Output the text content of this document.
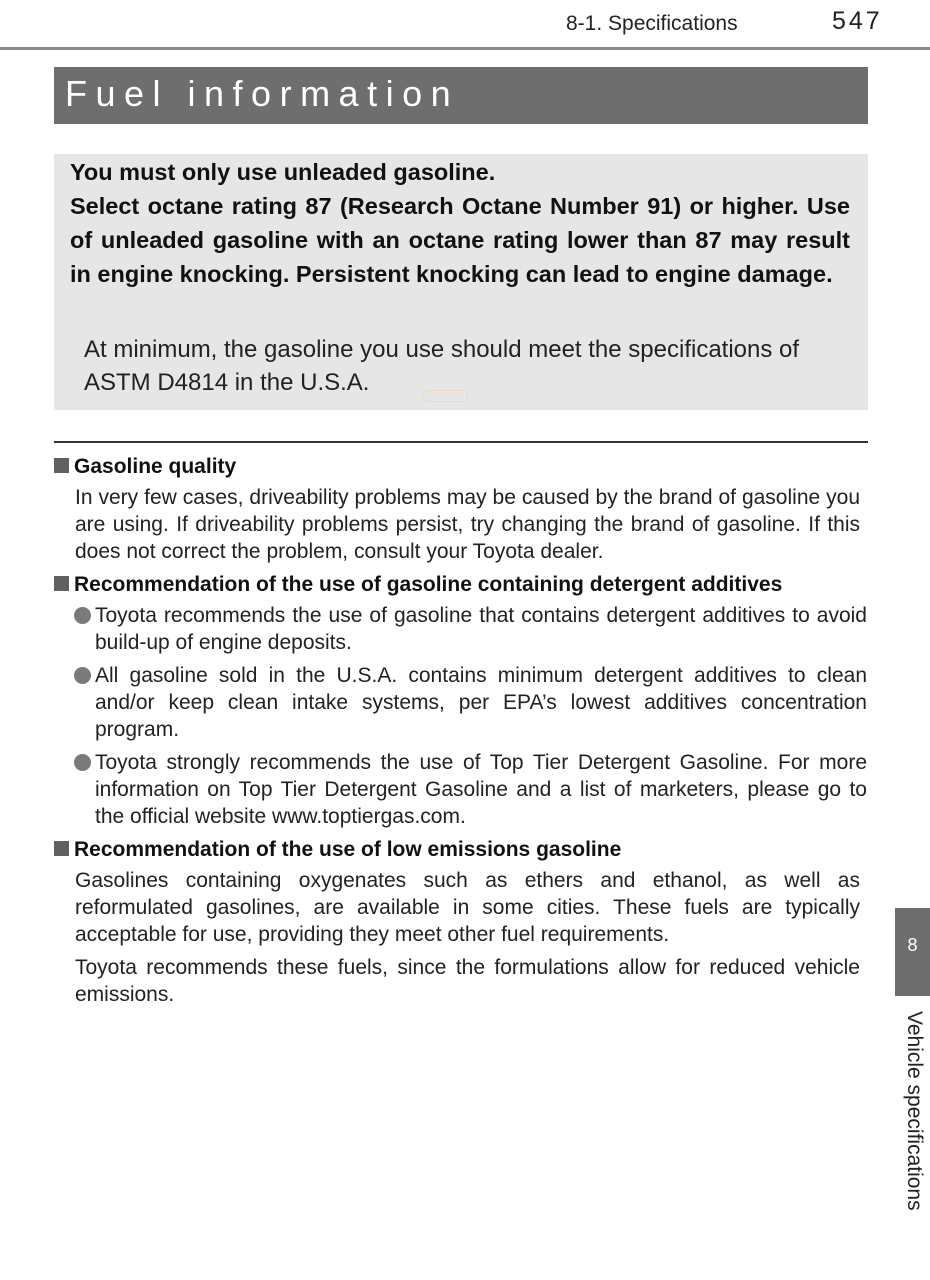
8-1. Specifications	547
Fuel information
You must only use unleaded gasoline.
Select octane rating 87 (Research Octane Number 91) or higher. Use of unleaded gasoline with an octane rating lower than 87 may result in engine knocking. Persistent knocking can lead to engine damage.
At minimum, the gasoline you use should meet the specifications of ASTM D4814 in the U.S.A.
Gasoline quality

In very few cases, driveability problems may be caused by the brand of gasoline you are using. If driveability problems persist, try changing the brand of gasoline. If this does not correct the problem, consult your Toyota dealer.

Recommendation of the use of gasoline containing detergent additives
Toyota recommends the use of gasoline that contains detergent additives to avoid build-up of engine deposits.
All gasoline sold in the U.S.A. contains minimum detergent additives to clean and/or keep clean intake systems, per EPA’s lowest additives concentration program.
Toyota strongly recommends the use of Top Tier Detergent Gasoline. For more information on Top Tier Detergent Gasoline and a list of marketers, please go to the official website www.toptiergas.com.
Recommendation of the use of low emissions gasoline

Gasolines containing oxygenates such as ethers and ethanol, as well as reformulated gasolines, are available in some cities. These fuels are typically acceptable for use, providing they meet other fuel requirements.

Toyota recommends these fuels, since the formulations allow for reduced vehicle emissions.

8
Vehicle specifications
